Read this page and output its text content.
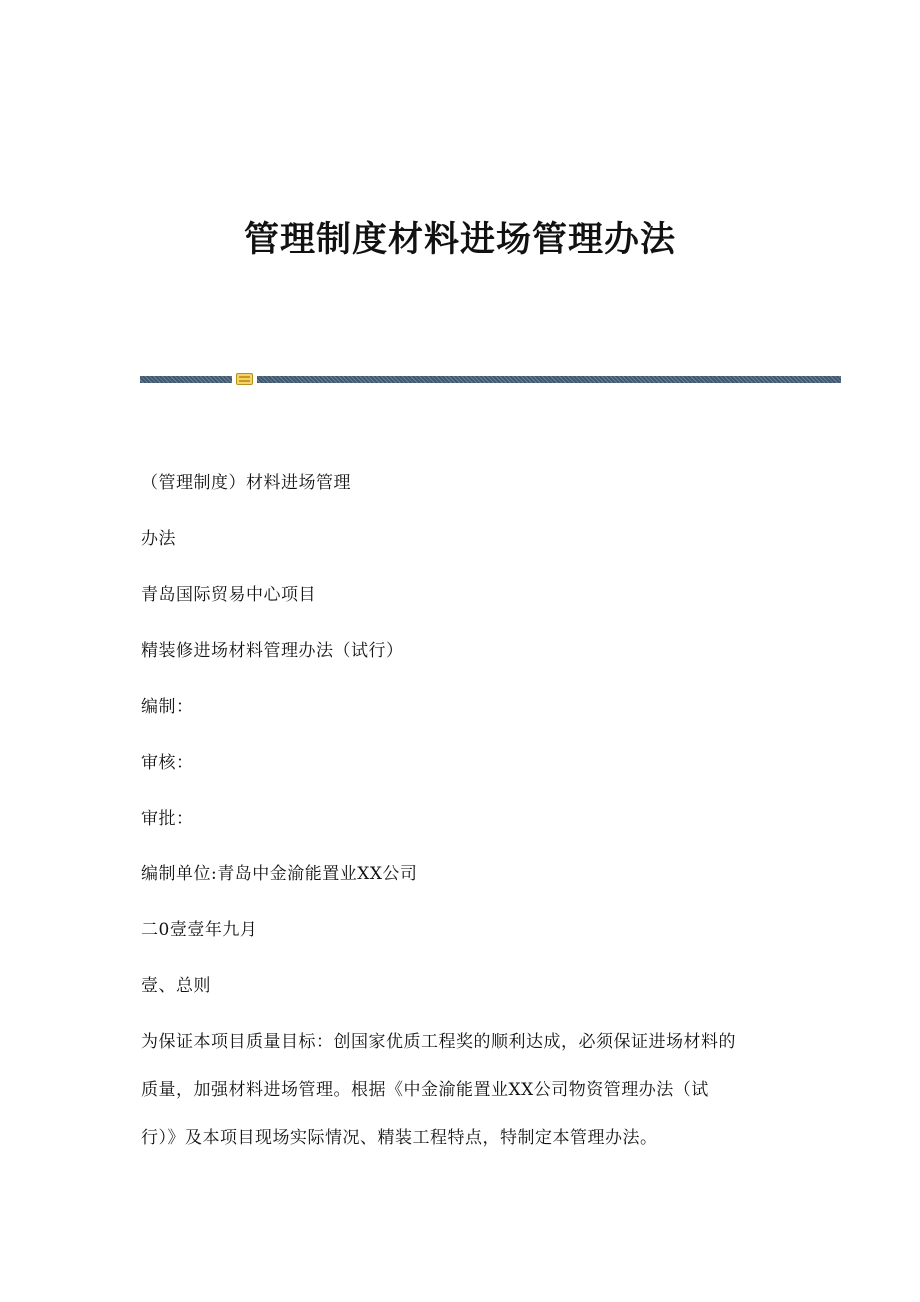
管理制度材料进场管理办法

（管理制度）材料进场管理

办法

青岛国际贸易中心项目

精装修进场材料管理办法（试行）

编制：

审核：

审批：

编制单位:青岛中金渝能置业XX公司

二0壹壹年九月

壹、总则

为保证本项目质量目标：创国家优质工程奖的顺利达成，必须保证进场材料的

质量，加强材料进场管理。根据《中金渝能置业XX公司物资管理办法（试

行）》及本项目现场实际情况、精装工程特点，特制定本管理办法。
